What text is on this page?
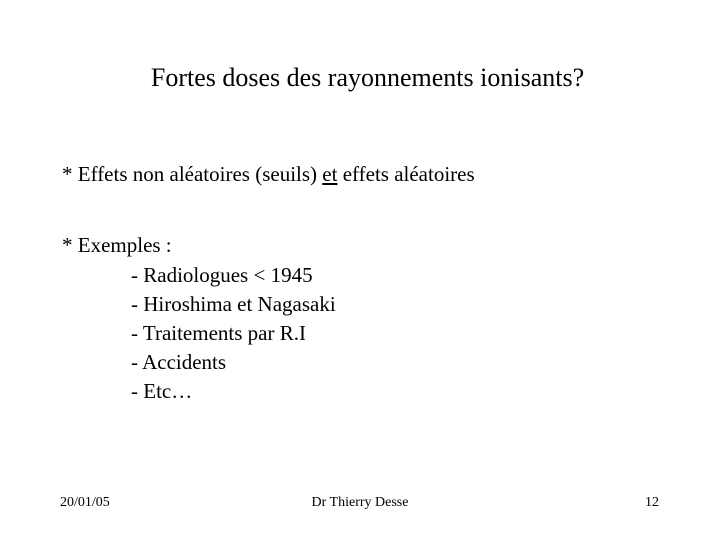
Fortes doses des rayonnements ionisants?
* Effets non aléatoires (seuils) et effets aléatoires
* Exemples :
- Radiologues < 1945
- Hiroshima et Nagasaki
- Traitements par R.I
- Accidents
- Etc…
20/01/05	Dr Thierry Desse	12
